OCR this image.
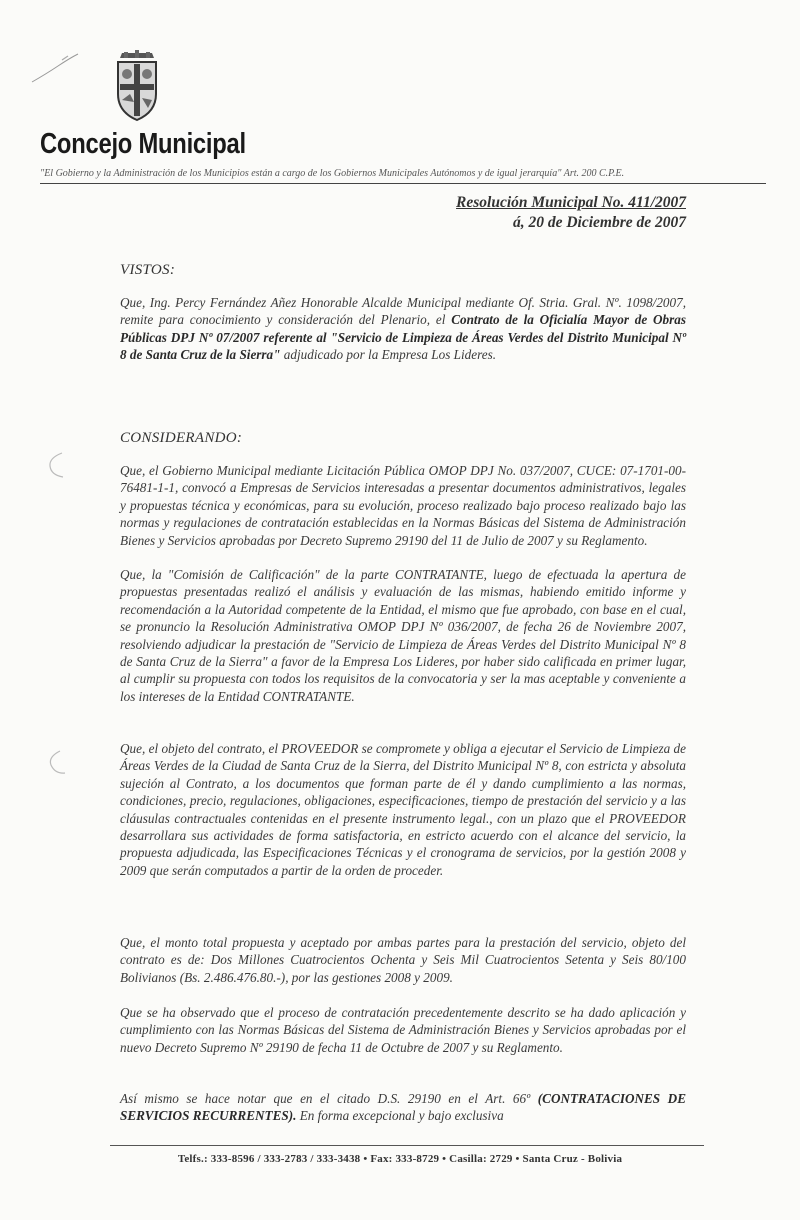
Concejo Municipal
"El Gobierno y la Administración de los Municipios están a cargo de los Gobiernos Municipales Autónomos y de igual jerarquía" Art. 200 C.P.E.
Resolución Municipal No. 411/2007
á, 20 de Diciembre de 2007
VISTOS:
Que, Ing. Percy Fernández Añez Honorable Alcalde Municipal mediante Of. Stria. Gral. Nº. 1098/2007, remite para conocimiento y consideración del Plenario, el Contrato de la Oficialía Mayor de Obras Públicas DPJ Nº 07/2007 referente al "Servicio de Limpieza de Áreas Verdes del Distrito Municipal Nº 8 de Santa Cruz de la Sierra" adjudicado por la Empresa Los Lideres.
CONSIDERANDO:
Que, el Gobierno Municipal mediante Licitación Pública OMOP DPJ No. 037/2007, CUCE: 07-1701-00-76481-1-1, convocó a Empresas de Servicios interesadas a presentar documentos administrativos, legales y propuestas técnica y económicas, para su evolución, proceso realizado bajo proceso realizado bajo las normas y regulaciones de contratación establecidas en la Normas Básicas del Sistema de Administración Bienes y Servicios aprobadas por Decreto Supremo 29190 del 11 de Julio de 2007 y su Reglamento.
Que, la "Comisión de Calificación" de la parte CONTRATANTE, luego de efectuada la apertura de propuestas presentadas realizó el análisis y evaluación de las mismas, habiendo emitido informe y recomendación a la Autoridad competente de la Entidad, el mismo que fue aprobado, con base en el cual, se pronuncio la Resolución Administrativa OMOP DPJ Nº 036/2007, de fecha 26 de Noviembre 2007, resolviendo adjudicar la prestación de "Servicio de Limpieza de Áreas Verdes del Distrito Municipal Nº 8 de Santa Cruz de la Sierra" a favor de la Empresa Los Lideres, por haber sido calificada en primer lugar, al cumplir su propuesta con todos los requisitos de la convocatoria y ser la mas aceptable y conveniente a los intereses de la Entidad CONTRATANTE.
Que, el objeto del contrato, el PROVEEDOR se compromete y obliga a ejecutar el Servicio de Limpieza de Áreas Verdes de la Ciudad de Santa Cruz de la Sierra, del Distrito Municipal Nº 8, con estricta y absoluta sujeción al Contrato, a los documentos que forman parte de él y dando cumplimiento a las normas, condiciones, precio, regulaciones, obligaciones, especificaciones, tiempo de prestación del servicio y a las cláusulas contractuales contenidas en el presente instrumento legal., con un plazo que el PROVEEDOR desarrollara sus actividades de forma satisfactoria, en estricto acuerdo con el alcance del servicio, la propuesta adjudicada, las Especificaciones Técnicas y el cronograma de servicios, por la gestión 2008 y 2009 que serán computados a partir de la orden de proceder.
Que, el monto total propuesta y aceptado por ambas partes para la prestación del servicio, objeto del contrato es de: Dos Millones Cuatrocientos Ochenta y Seis Mil Cuatrocientos Setenta y Seis 80/100 Bolivianos (Bs. 2.486.476.80.-), por las gestiones 2008 y 2009.
Que se ha observado que el proceso de contratación precedentemente descrito se ha dado aplicación y cumplimiento con las Normas Básicas del Sistema de Administración Bienes y Servicios aprobadas por el nuevo Decreto Supremo Nº 29190 de fecha 11 de Octubre de 2007 y su Reglamento.
Así mismo se hace notar que en el citado D.S. 29190 en el Art. 66º (CONTRATACIONES DE SERVICIOS RECURRENTES). En forma excepcional y bajo exclusiva
Telfs.: 333-8596 / 333-2783 / 333-3438 • Fax: 333-8729 • Casilla: 2729 • Santa Cruz - Bolivia
